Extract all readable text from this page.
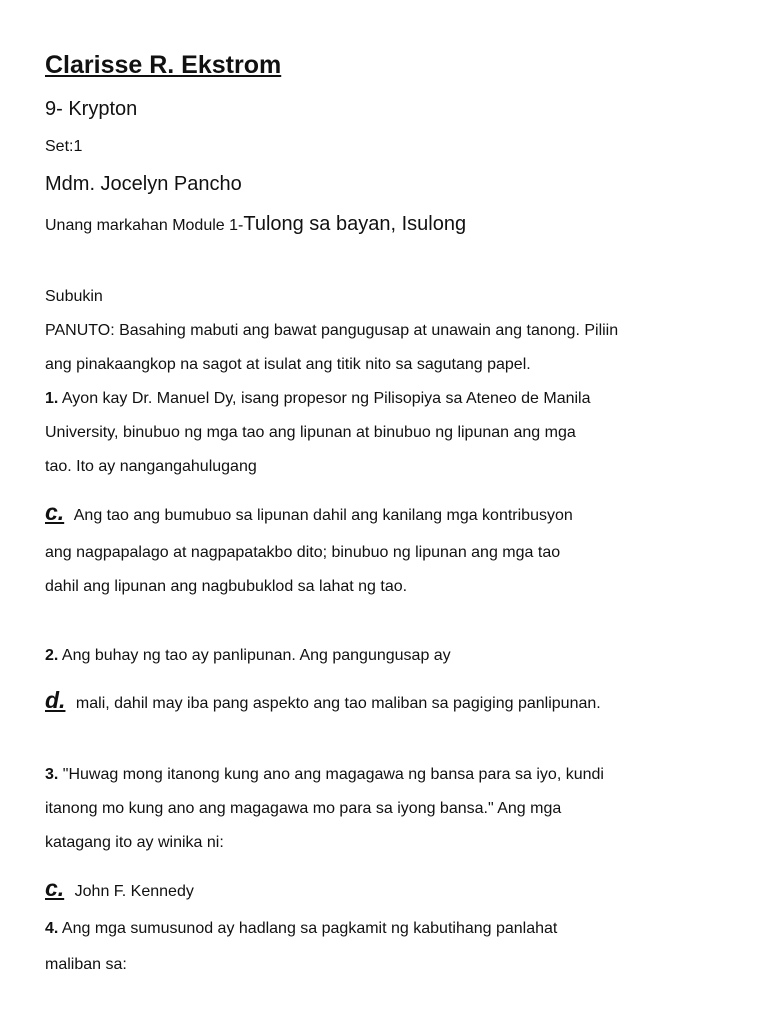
Clarisse R. Ekstrom
9- Krypton
Set:1
Mdm. Jocelyn Pancho
Unang markahan Module 1-Tulong sa bayan, Isulong
Subukin
PANUTO: Basahing mabuti ang bawat pangugusap at unawain ang tanong. Piliin
ang pinakaangkop na sagot at isulat ang titik nito sa sagutang papel.
1. Ayon kay Dr. Manuel Dy, isang propesor ng Pilisopiya sa Ateneo de Manila
University, binubuo ng mga tao ang lipunan at binubuo ng lipunan ang mga
tao. Ito ay nangangahulugang
c. Ang tao ang bumubuo sa lipunan dahil ang kanilang mga kontribusyon
ang nagpapalago at nagpapatakbo dito; binubuo ng lipunan ang mga tao
dahil ang lipunan ang nagbubuklod sa lahat ng tao.
2. Ang buhay ng tao ay panlipunan. Ang pangungusap ay
d. mali, dahil may iba pang aspekto ang tao maliban sa pagiging panlipunan.
3. "Huwag mong itanong kung ano ang magagawa ng bansa para sa iyo, kundi
itanong mo kung ano ang magagawa mo para sa iyong bansa." Ang mga
katagang ito ay winika ni:
c. John F. Kennedy
4. Ang mga sumusunod ay hadlang sa pagkamit ng kabutihang panlahat
maliban sa:
